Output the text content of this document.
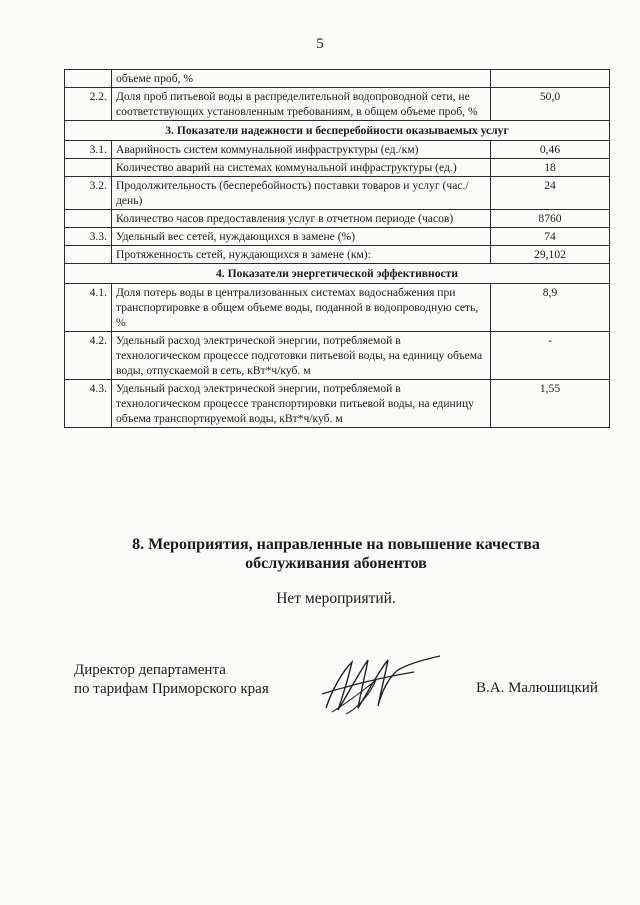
5
	объеме проб, %	
2.2.	Доля проб питьевой воды в распределительной водопроводной сети, не соответствующих установленным требованиям, в общем объеме проб, %	50,0
3. Показатели надежности и бесперебойности оказываемых услуг		
3.1.	Аварийность систем коммунальной инфраструктуры (ед./км)	0,46
	Количество аварий на системах коммунальной инфраструктуры (ед.)	18
3.2.	Продолжительность (бесперебойность) поставки товаров и услуг (час./день)	24
	Количество часов предоставления услуг в отчетном периоде (часов)	8760
3.3.	Удельный вес сетей, нуждающихся в замене (%)	74
	Протяженность сетей, нуждающихся в замене (км):	29,102
4. Показатели энергетической эффективности		
4.1.	Доля потерь воды в централизованных системах водоснабжения при транспортировке в общем объеме воды, поданной в водопроводную сеть, %	8,9
4.2.	Удельный расход электрической энергии, потребляемой в технологическом процессе подготовки питьевой воды, на единицу объема воды, отпускаемой в сеть, кВт*ч/куб. м	-
4.3.	Удельный расход электрической энергии, потребляемой в технологическом процессе транспортировки питьевой воды, на единицу объема транспортируемой воды, кВт*ч/куб. м	1,55
8. Мероприятия, направленные на повышение качества
обслуживания абонентов
Нет мероприятий.
Директор департамента
по тарифам Приморского края	В.А. Малюшицкий
